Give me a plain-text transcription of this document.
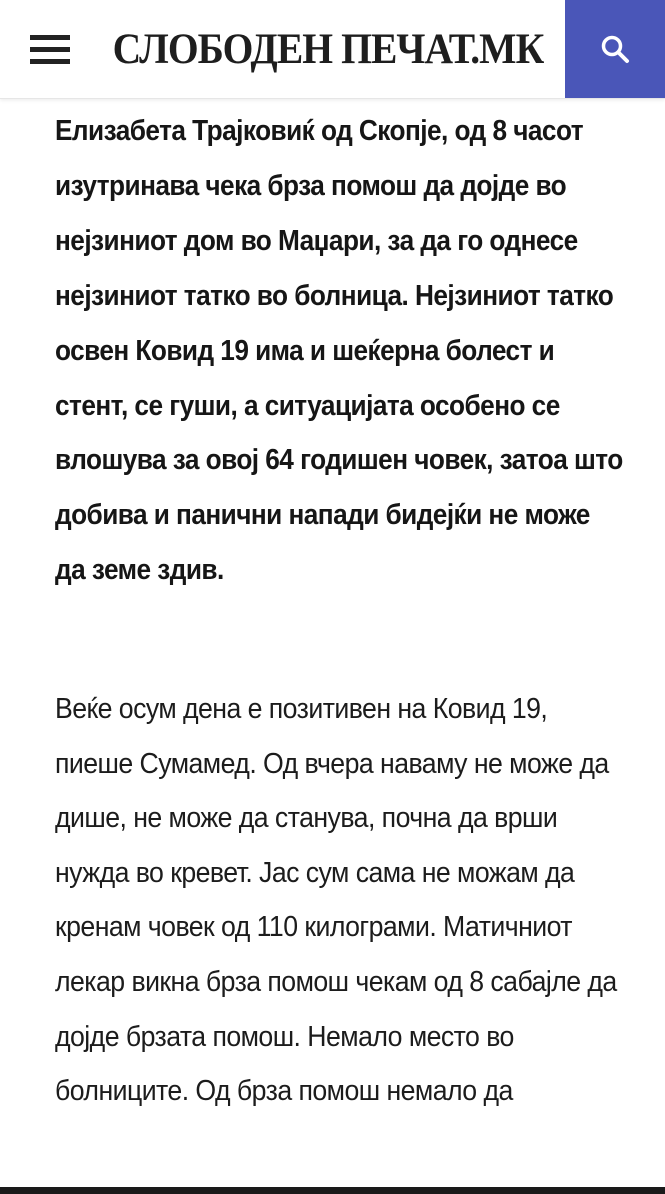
СЛОБОДЕН ПЕЧАТ.МК

Елизабета Трајковиќ од Скопје, од 8 часот изутринава чека брза помош да дојде во нејзиниот дом во Маџари, за да го однесе нејзиниот татко во болница. Нејзиниот татко освен Ковид 19 има и шеќерна болест и стент, се гуши, а ситуацијата особено се влошува за овој 64 годишен човек, затоа што добива и панични напади бидејќи не може да земе здив.

Веќе осум дена е позитивен на Ковид 19, пиеше Сумамед. Од вчера наваму не може да дише, не може да станува, почна да врши нужда во кревет. Јас сум сама не можам да кренам човек од 110 килограми. Матичниот лекар викна брза помош чекам од 8 сабајле да дојде брзата помош. Немало место во болниците. Од брза помош немало да
